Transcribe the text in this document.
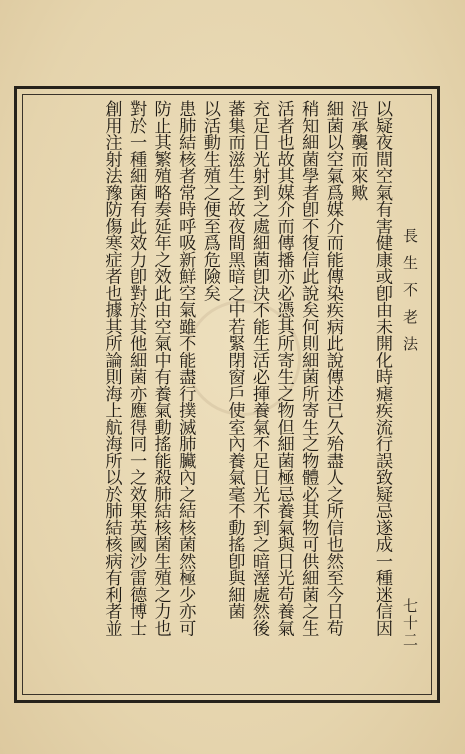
長生不老法
七十二
以疑夜間空氣有害健康或卽由未開化時瘧疾流行誤致疑忌遂成一種迷信因
沿承襲而來歟
細菌以空氣爲媒介而能傳染疾病此說傳述已久殆盡人之所信也然至今日苟
稍知細菌學者卽不復信此說矣何則細菌所寄生之物體必其物可供細菌之生
活者也故其媒介而傳播亦必憑其所寄生之物但細菌極忌養氣與日光苟養氣
充足日光射到之處細菌卽決不能生活必揮養氣不足日光不到之暗溼處然後
蕃集而滋生之故夜間黑暗之中若緊閉窗戶使室內養氣毫不動搖卽與細菌
以活動生殖之便至爲危險矣
患肺結核者常時呼吸新鮮空氣雖不能盡行撲滅肺臟內之結核菌然極少亦可
防止其繁殖略奏延年之效此由空氣中有養氣動搖能殺肺結核菌生殖之力也
對於一種細菌有此效力卽對於其他細菌亦應得同一之效果英國沙雷德博士
創用注射法豫防傷寒症者也據其所論則海上航海所以於肺結核病有利者並
